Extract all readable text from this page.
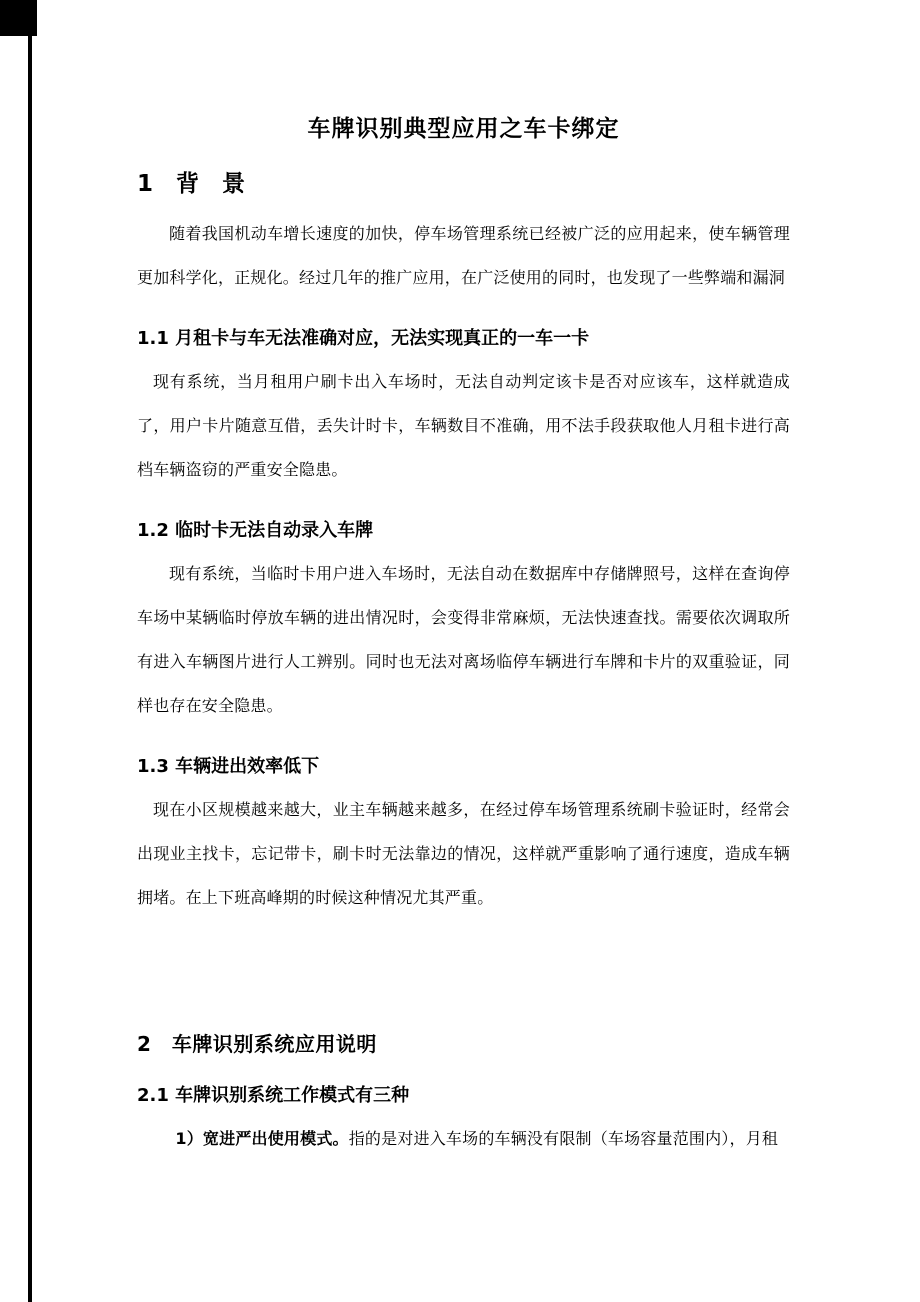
车牌识别典型应用之车卡绑定
1　背　景

随着我国机动车增长速度的加快，停车场管理系统已经被广泛的应用起来，使车辆管理更加科学化，正规化。经过几年的推广应用，在广泛使用的同时，也发现了一些弊端和漏洞

1.1 月租卡与车无法准确对应，无法实现真正的一车一卡

现有系统，当月租用户刷卡出入车场时，无法自动判定该卡是否对应该车，这样就造成了，用户卡片随意互借，丢失计时卡，车辆数目不准确，用不法手段获取他人月租卡进行高档车辆盗窃的严重安全隐患。

1.2 临时卡无法自动录入车牌

现有系统，当临时卡用户进入车场时，无法自动在数据库中存储牌照号，这样在查询停车场中某辆临时停放车辆的进出情况时，会变得非常麻烦，无法快速查找。需要依次调取所有进入车辆图片进行人工辨别。同时也无法对离场临停车辆进行车牌和卡片的双重验证，同样也存在安全隐患。

1.3 车辆进出效率低下

现在小区规模越来越大，业主车辆越来越多，在经过停车场管理系统刷卡验证时，经常会出现业主找卡，忘记带卡，刷卡时无法靠边的情况，这样就严重影响了通行速度，造成车辆拥堵。在上下班高峰期的时候这种情况尤其严重。

2　车牌识别系统应用说明
2.1 车牌识别系统工作模式有三种

1）宽进严出使用模式。指的是对进入车场的车辆没有限制（车场容量范围内），月租
